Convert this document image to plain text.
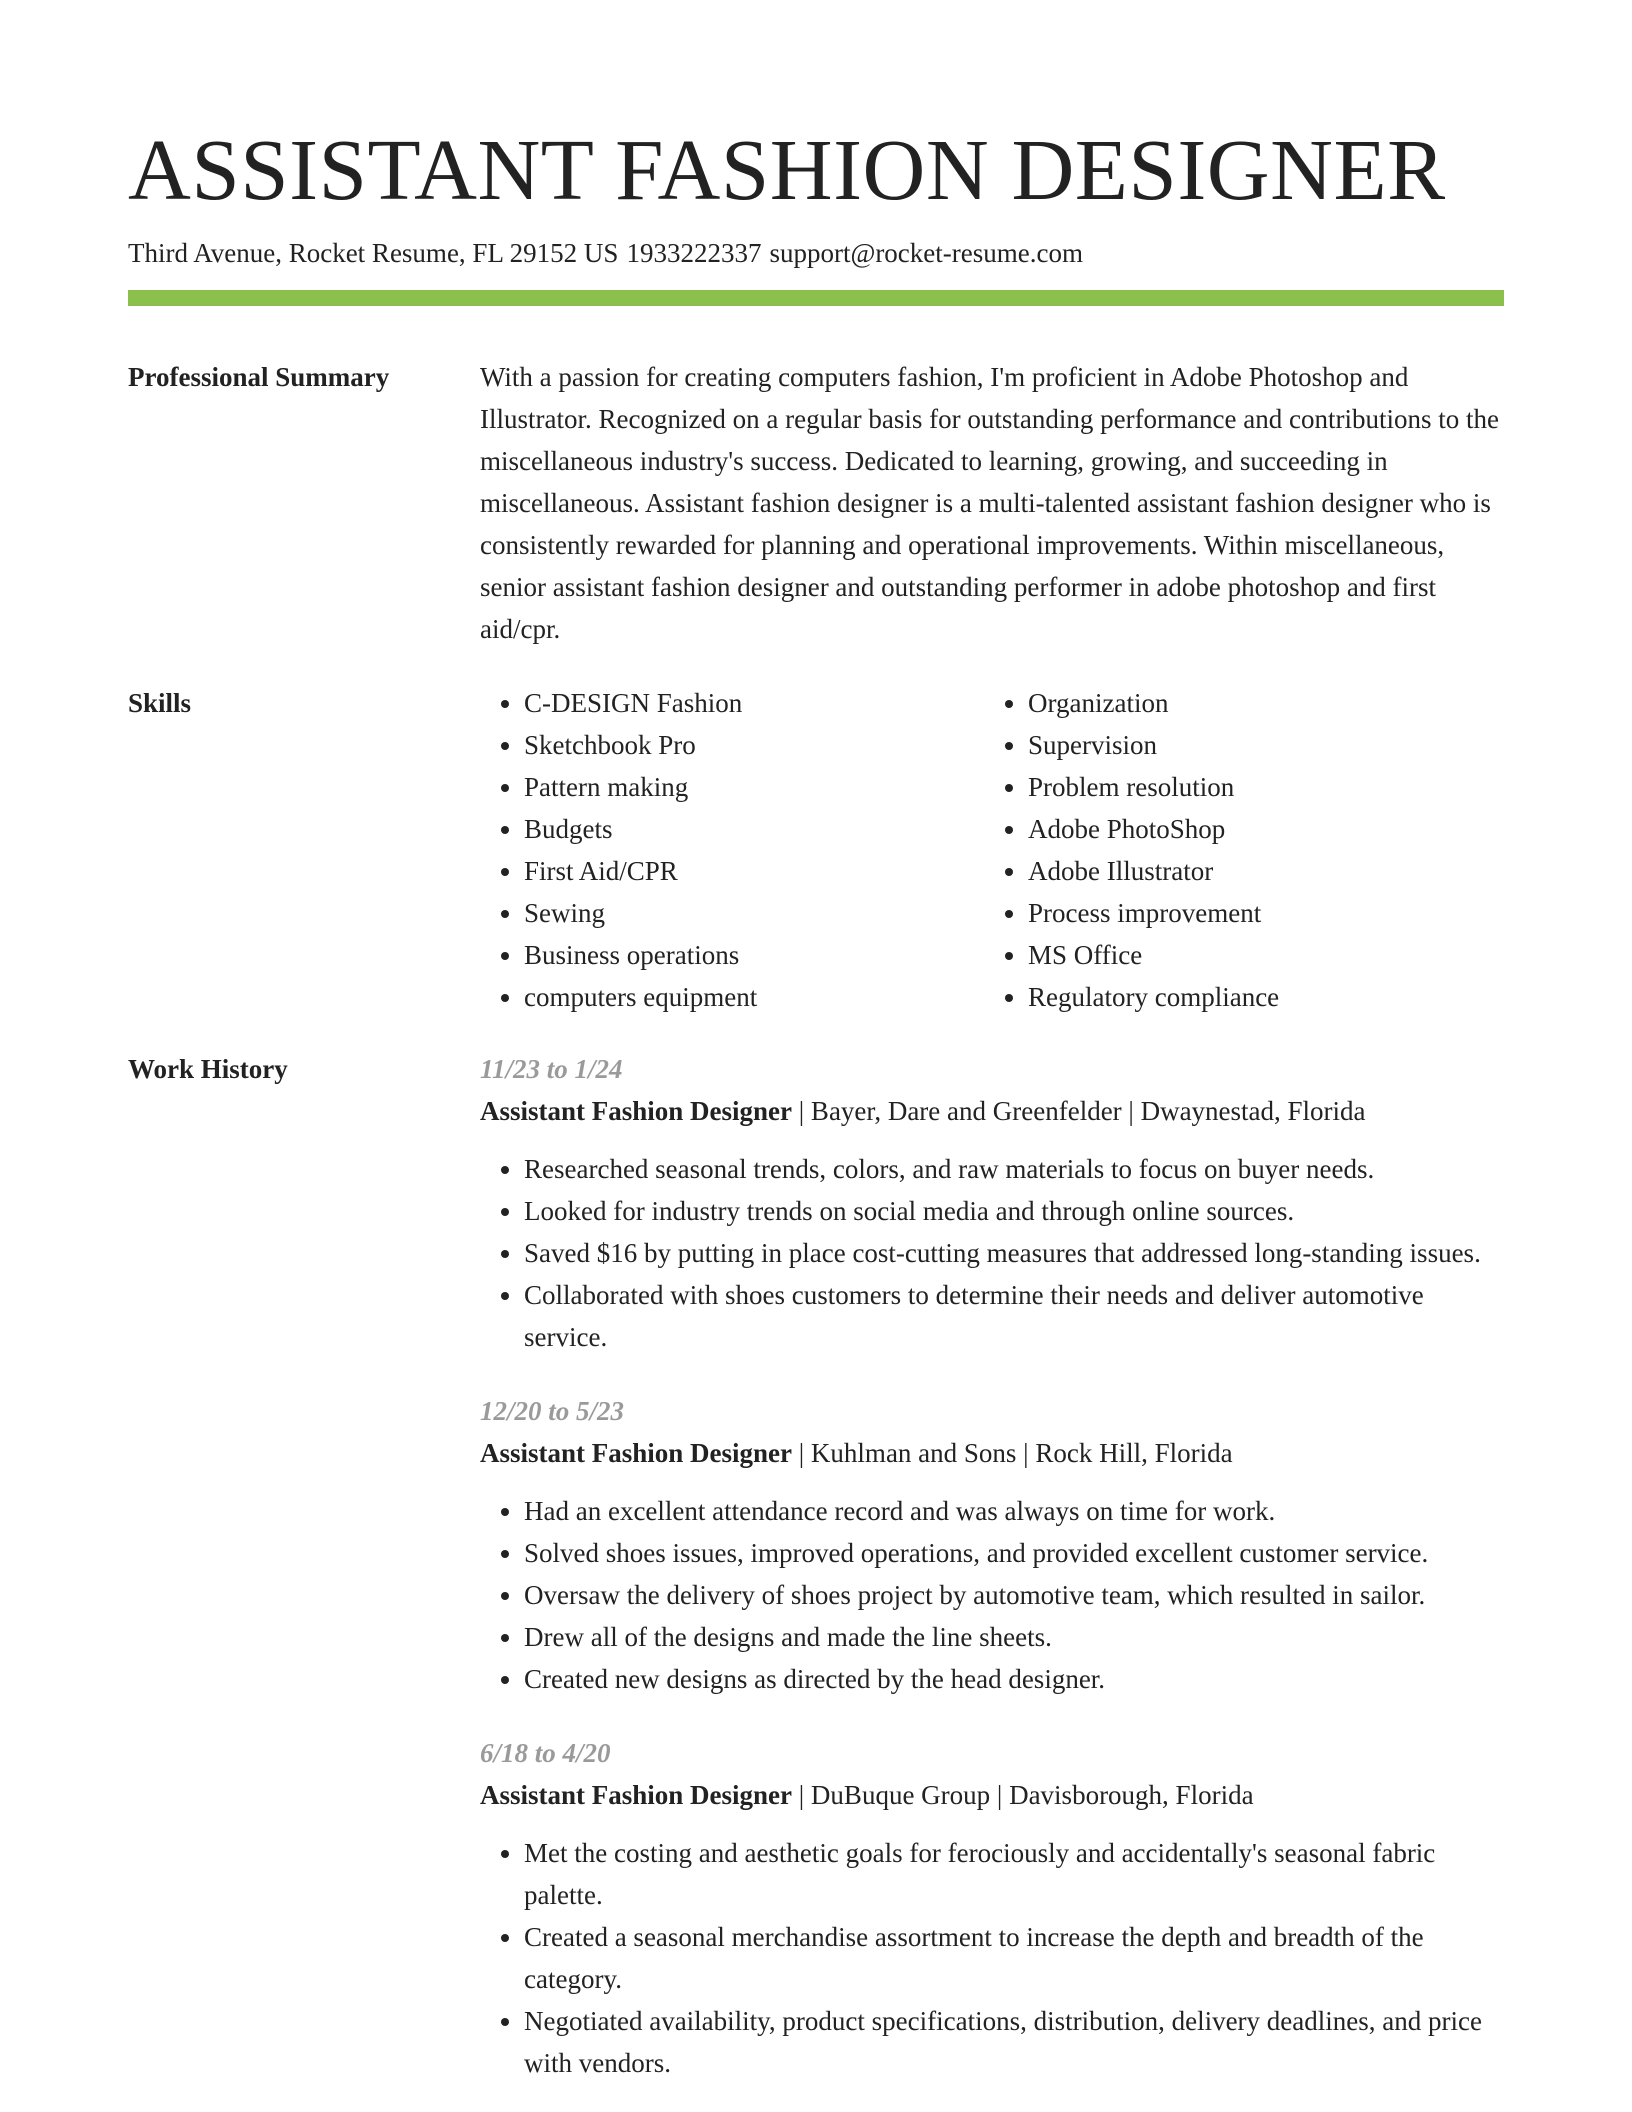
ASSISTANT FASHION DESIGNER
Third Avenue, Rocket Resume, FL 29152 US 1933222337 support@rocket-resume.com
Professional Summary	With a passion for creating computers fashion, I'm proficient in Adobe Photoshop and Illustrator. Recognized on a regular basis for outstanding performance and contributions to the miscellaneous industry's success. Dedicated to learning, growing, and succeeding in miscellaneous. Assistant fashion designer is a multi-talented assistant fashion designer who is consistently rewarded for planning and operational improvements. Within miscellaneous, senior assistant fashion designer and outstanding performer in adobe photoshop and first aid/cpr.

Skills
•	C-DESIGN Fashion
• Sketchbook Pro
• Pattern making
• Budgets
• First Aid/CPR
• Sewing
• Business operations
• computers equipment
• Organization
• Supervision
• Problem resolution
• Adobe PhotoShop
• Adobe Illustrator
• Process improvement
• MS Office
• Regulatory compliance
Work History	11/23 to 1/24
Assistant Fashion Designer | Bayer, Dare and Greenfelder | Dwaynestad, Florida
• Researched seasonal trends, colors, and raw materials to focus on buyer needs.
• Looked for industry trends on social media and through online sources.
• Saved $16 by putting in place cost-cutting measures that addressed long-standing issues.
• Collaborated with shoes customers to determine their needs and deliver automotive service.
12/20 to 5/23
Assistant Fashion Designer | Kuhlman and Sons | Rock Hill, Florida
• Had an excellent attendance record and was always on time for work.
• Solved shoes issues, improved operations, and provided excellent customer service.
• Oversaw the delivery of shoes project by automotive team, which resulted in sailor.
• Drew all of the designs and made the line sheets.
• Created new designs as directed by the head designer.
6/18 to 4/20
Assistant Fashion Designer | DuBuque Group | Davisborough, Florida
• Met the costing and aesthetic goals for ferociously and accidentally's seasonal fabric palette.
• Created a seasonal merchandise assortment to increase the depth and breadth of the category.
• Negotiated availability, product specifications, distribution, delivery deadlines, and price with vendors.
